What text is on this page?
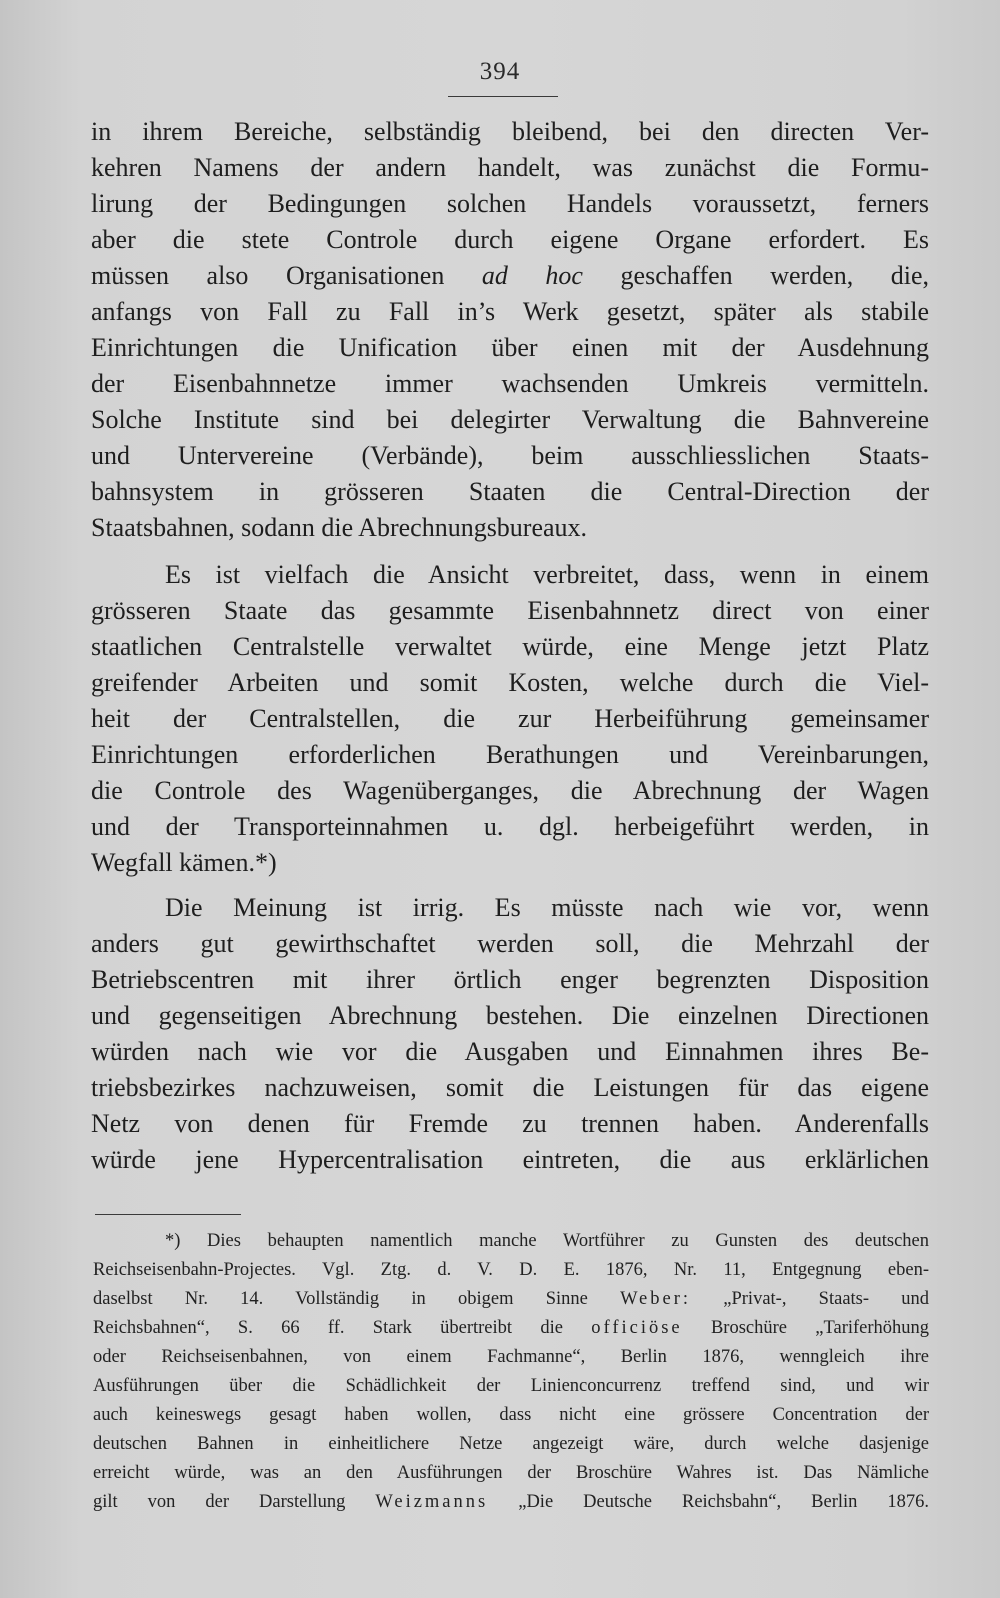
394
in ihrem Bereiche, selbständig bleibend, bei den directen Ver-
kehren Namens der andern handelt, was zunächst die Formu-
lirung der Bedingungen solchen Handels voraussetzt, ferners
aber die stete Controle durch eigene Organe erfordert. Es
müssen also Organisationen ad hoc geschaffen werden, die,
anfangs von Fall zu Fall in’s Werk gesetzt, später als stabile
Einrichtungen die Unification über einen mit der Ausdehnung
der Eisenbahnnetze immer wachsenden Umkreis vermitteln.
Solche Institute sind bei delegirter Verwaltung die Bahnvereine
und Untervereine (Verbände), beim ausschliesslichen Staats-
bahnsystem in grösseren Staaten die Central-Direction der
Staatsbahnen, sodann die Abrechnungsbureaux.
Es ist vielfach die Ansicht verbreitet, dass, wenn in einem
grösseren Staate das gesammte Eisenbahnnetz direct von einer
staatlichen Centralstelle verwaltet würde, eine Menge jetzt Platz
greifender Arbeiten und somit Kosten, welche durch die Viel-
heit der Centralstellen, die zur Herbeiführung gemeinsamer
Einrichtungen erforderlichen Berathungen und Vereinbarungen,
die Controle des Wagenüberganges, die Abrechnung der Wagen
und der Transporteinnahmen u. dgl. herbeigeführt werden, in
Wegfall kämen.*)
Die Meinung ist irrig. Es müsste nach wie vor, wenn
anders gut gewirthschaftet werden soll, die Mehrzahl der
Betriebscentren mit ihrer örtlich enger begrenzten Disposition
und gegenseitigen Abrechnung bestehen. Die einzelnen Directionen
würden nach wie vor die Ausgaben und Einnahmen ihres Be-
triebsbezirkes nachzuweisen, somit die Leistungen für das eigene
Netz von denen für Fremde zu trennen haben. Anderenfalls
würde jene Hypercentralisation eintreten, die aus erklärlichen
*) Dies behaupten namentlich manche Wortführer zu Gunsten des deutschen
Reichseisenbahn-Projectes. Vgl. Ztg. d. V. D. E. 1876, Nr. 11, Entgegnung eben-
daselbst Nr. 14. Vollständig in obigem Sinne Weber: „Privat-, Staats- und
Reichsbahnen“, S. 66 ff. Stark übertreibt die officiöse Broschüre „Tariferhöhung
oder Reichseisenbahnen, von einem Fachmanne“, Berlin 1876, wenngleich ihre
Ausführungen über die Schädlichkeit der Linienconcurrenz treffend sind, und wir
auch keineswegs gesagt haben wollen, dass nicht eine grössere Concentration der
deutschen Bahnen in einheitlichere Netze angezeigt wäre, durch welche dasjenige
erreicht würde, was an den Ausführungen der Broschüre Wahres ist. Das Nämliche
gilt von der Darstellung Weizmanns „Die Deutsche Reichsbahn“, Berlin 1876.
